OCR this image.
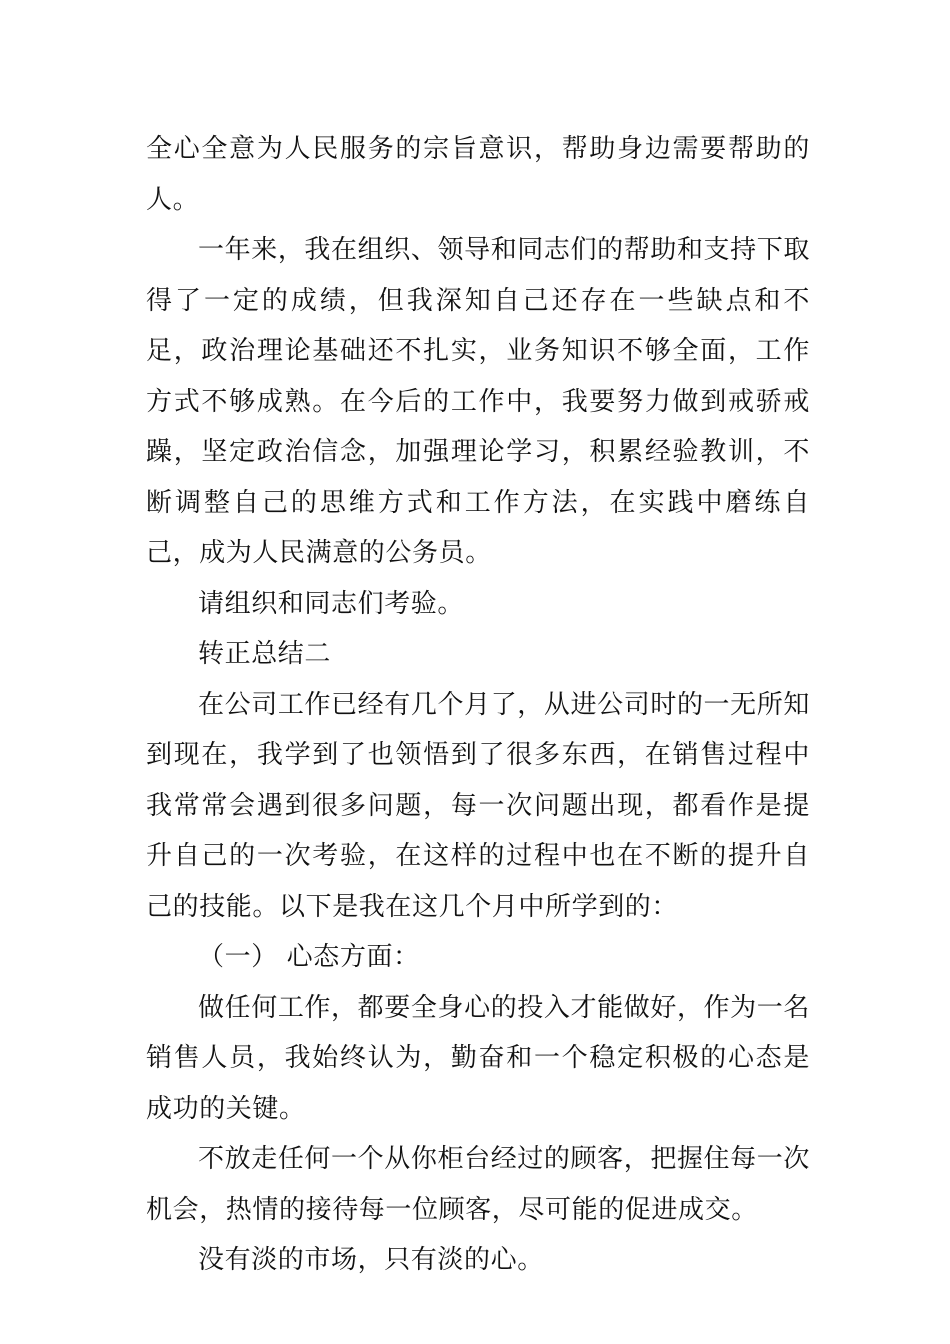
全心全意为人民服务的宗旨意识，帮助身边需要帮助的人。

一年来，我在组织、领导和同志们的帮助和支持下取得了一定的成绩，但我深知自己还存在一些缺点和不足，政治理论基础还不扎实，业务知识不够全面，工作方式不够成熟。在今后的工作中，我要努力做到戒骄戒躁，坚定政治信念，加强理论学习，积累经验教训，不断调整自己的思维方式和工作方法，在实践中磨练自己，成为人民满意的公务员。

请组织和同志们考验。

转正总结二

在公司工作已经有几个月了，从进公司时的一无所知到现在，我学到了也领悟到了很多东西，在销售过程中我常常会遇到很多问题，每一次问题出现，都看作是提升自己的一次考验，在这样的过程中也在不断的提升自己的技能。以下是我在这几个月中所学到的：

（一） 心态方面：

做任何工作，都要全身心的投入才能做好，作为一名销售人员，我始终认为，勤奋和一个稳定积极的心态是成功的关键。

不放走任何一个从你柜台经过的顾客，把握住每一次机会，热情的接待每一位顾客，尽可能的促进成交。

没有淡的市场，只有淡的心。
